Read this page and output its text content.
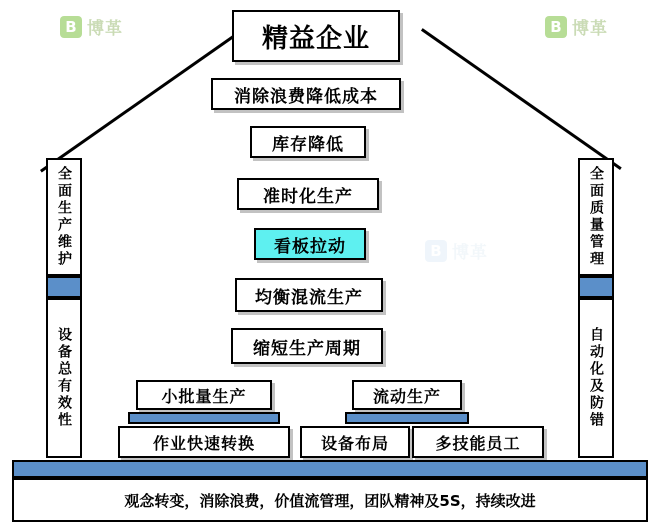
B 博革	B 博革
B 博革
精益企业
消除浪费降低成本
库存降低
准时化生产
看板拉动
均衡混流生产
缩短生产周期
小批量生产	流动生产
作业快速转换	设备布局	多技能员工
全面生产维护
设备总有效性
全面质量管理
自动化及防错
观念转变，消除浪费，价值流管理，团队精神及5S，持续改进
